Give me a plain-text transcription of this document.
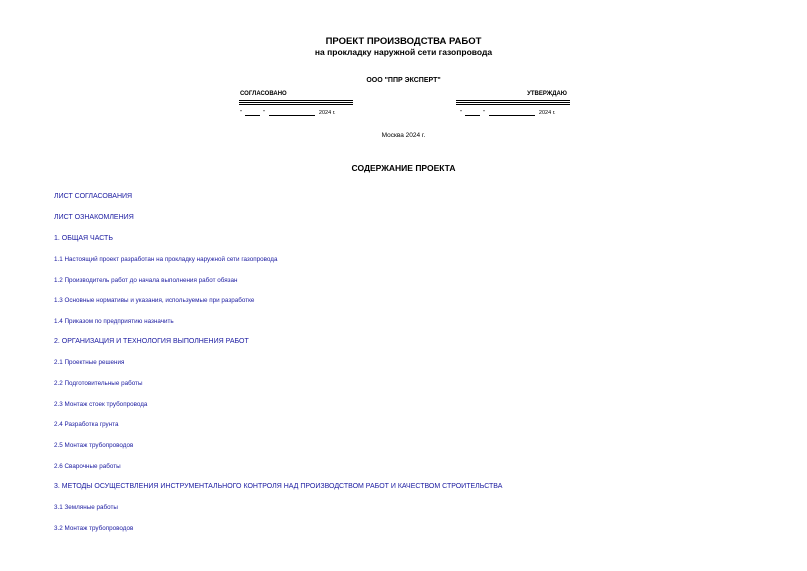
ПРОЕКТ ПРОИЗВОДСТВА РАБОТ
на прокладку наружной сети газопровода
ООО "ППР ЭКСПЕРТ"
СОГЛАСОВАНО	УТВЕРЖДАЮ
"	"	2024 г.	"	"	2024 г.
Москва 2024 г.
СОДЕРЖАНИЕ ПРОЕКТА
ЛИСТ СОГЛАСОВАНИЯ
ЛИСТ ОЗНАКОМЛЕНИЯ
1. ОБЩАЯ ЧАСТЬ
1.1 Настоящий проект разработан на прокладку наружной сети газопровода
1.2 Производитель работ до начала выполнения работ обязан
1.3 Основные нормативы и указания, используемые при разработке
1.4 Приказом по предприятию назначить
2. ОРГАНИЗАЦИЯ И ТЕХНОЛОГИЯ ВЫПОЛНЕНИЯ РАБОТ
2.1 Проектные решения
2.2 Подготовительные работы
2.3 Монтаж стоек трубопровода
2.4 Разработка грунта
2.5 Монтаж трубопроводов
2.6 Сварочные работы
3. МЕТОДЫ ОСУЩЕСТВЛЕНИЯ ИНСТРУМЕНТАЛЬНОГО КОНТРОЛЯ НАД ПРОИЗВОДСТВОМ РАБОТ И КАЧЕСТВОМ СТРОИТЕЛЬСТВА
3.1 Земляные работы
3.2 Монтаж трубопроводов
